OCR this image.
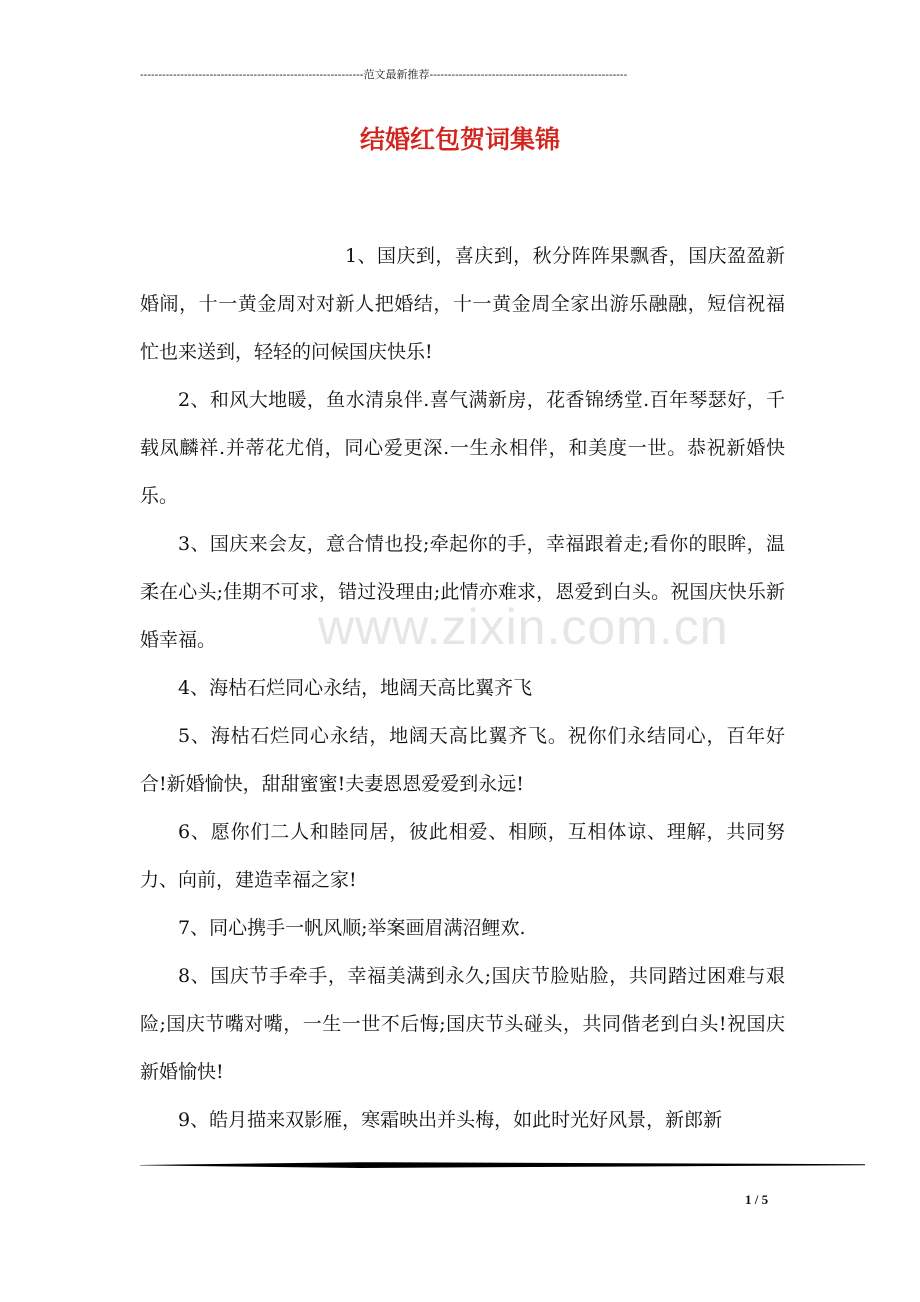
-------------------------------------------------------------范文最新推荐------------------------------------------------------
结婚红包贺词集锦

1、国庆到，喜庆到，秋分阵阵果飘香，国庆盈盈新婚闹，十一黄金周对对新人把婚结，十一黄金周全家出游乐融融，短信祝福忙也来送到，轻轻的问候国庆快乐!

2、和风大地暖，鱼水清泉伴.喜气满新房，花香锦绣堂.百年琴瑟好，千载凤麟祥.并蒂花尤俏，同心爱更深.一生永相伴，和美度一世。恭祝新婚快乐。

3、国庆来会友，意合情也投;牵起你的手，幸福跟着走;看你的眼眸，温柔在心头;佳期不可求，错过没理由;此情亦难求，恩爱到白头。祝国庆快乐新婚幸福。

4、海枯石烂同心永结，地阔天高比翼齐飞

5、海枯石烂同心永结，地阔天高比翼齐飞。祝你们永结同心，百年好合!新婚愉快，甜甜蜜蜜!夫妻恩恩爱爱到永远!

6、愿你们二人和睦同居，彼此相爱、相顾，互相体谅、理解，共同努力、向前，建造幸福之家!

7、同心携手一帆风顺;举案画眉满沼鲤欢.

8、国庆节手牵手，幸福美满到永久;国庆节脸贴脸，共同踏过困难与艰险;国庆节嘴对嘴，一生一世不后悔;国庆节头碰头，共同偕老到白头!祝国庆新婚愉快!

9、皓月描来双影雁，寒霜映出并头梅，如此时光好风景，新郎新

www.zixin.com.cn
1 / 5
